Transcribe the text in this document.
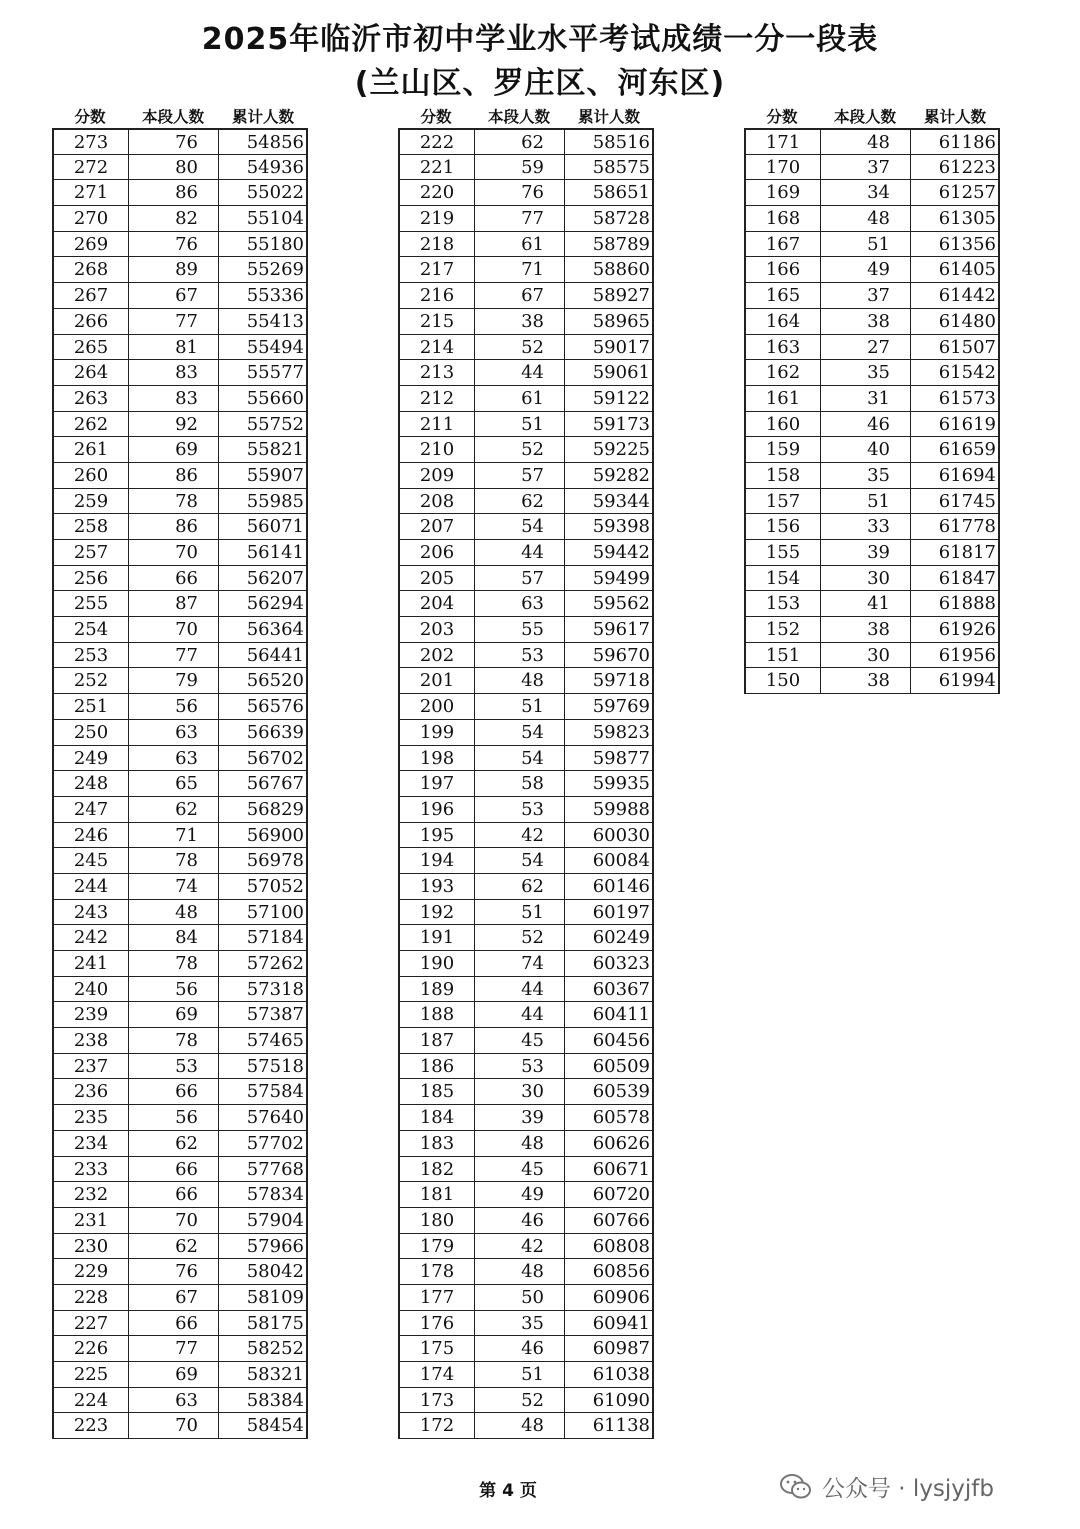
2025年临沂市初中学业水平考试成绩一分一段表
(兰山区、罗庄区、河东区)
分数	本段人数	累计人数
273	76	54856
272	80	54936
271	86	55022
270	82	55104
269	76	55180
268	89	55269
267	67	55336
266	77	55413
265	81	55494
264	83	55577
263	83	55660
262	92	55752
261	69	55821
260	86	55907
259	78	55985
258	86	56071
257	70	56141
256	66	56207
255	87	56294
254	70	56364
253	77	56441
252	79	56520
251	56	56576
250	63	56639
249	63	56702
248	65	56767
247	62	56829
246	71	56900
245	78	56978
244	74	57052
243	48	57100
242	84	57184
241	78	57262
240	56	57318
239	69	57387
238	78	57465
237	53	57518
236	66	57584
235	56	57640
234	62	57702
233	66	57768
232	66	57834
231	70	57904
230	62	57966
229	76	58042
228	67	58109
227	66	58175
226	77	58252
225	69	58321
224	63	58384
223	70	58454
分数	本段人数	累计人数
222	62	58516
221	59	58575
220	76	58651
219	77	58728
218	61	58789
217	71	58860
216	67	58927
215	38	58965
214	52	59017
213	44	59061
212	61	59122
211	51	59173
210	52	59225
209	57	59282
208	62	59344
207	54	59398
206	44	59442
205	57	59499
204	63	59562
203	55	59617
202	53	59670
201	48	59718
200	51	59769
199	54	59823
198	54	59877
197	58	59935
196	53	59988
195	42	60030
194	54	60084
193	62	60146
192	51	60197
191	52	60249
190	74	60323
189	44	60367
188	44	60411
187	45	60456
186	53	60509
185	30	60539
184	39	60578
183	48	60626
182	45	60671
181	49	60720
180	46	60766
179	42	60808
178	48	60856
177	50	60906
176	35	60941
175	46	60987
174	51	61038
173	52	61090
172	48	61138
分数	本段人数	累计人数
171	48	61186
170	37	61223
169	34	61257
168	48	61305
167	51	61356
166	49	61405
165	37	61442
164	38	61480
163	27	61507
162	35	61542
161	31	61573
160	46	61619
159	40	61659
158	35	61694
157	51	61745
156	33	61778
155	39	61817
154	30	61847
153	41	61888
152	38	61926
151	30	61956
150	38	61994
第 4 页	公众号 · lysjyjfb
